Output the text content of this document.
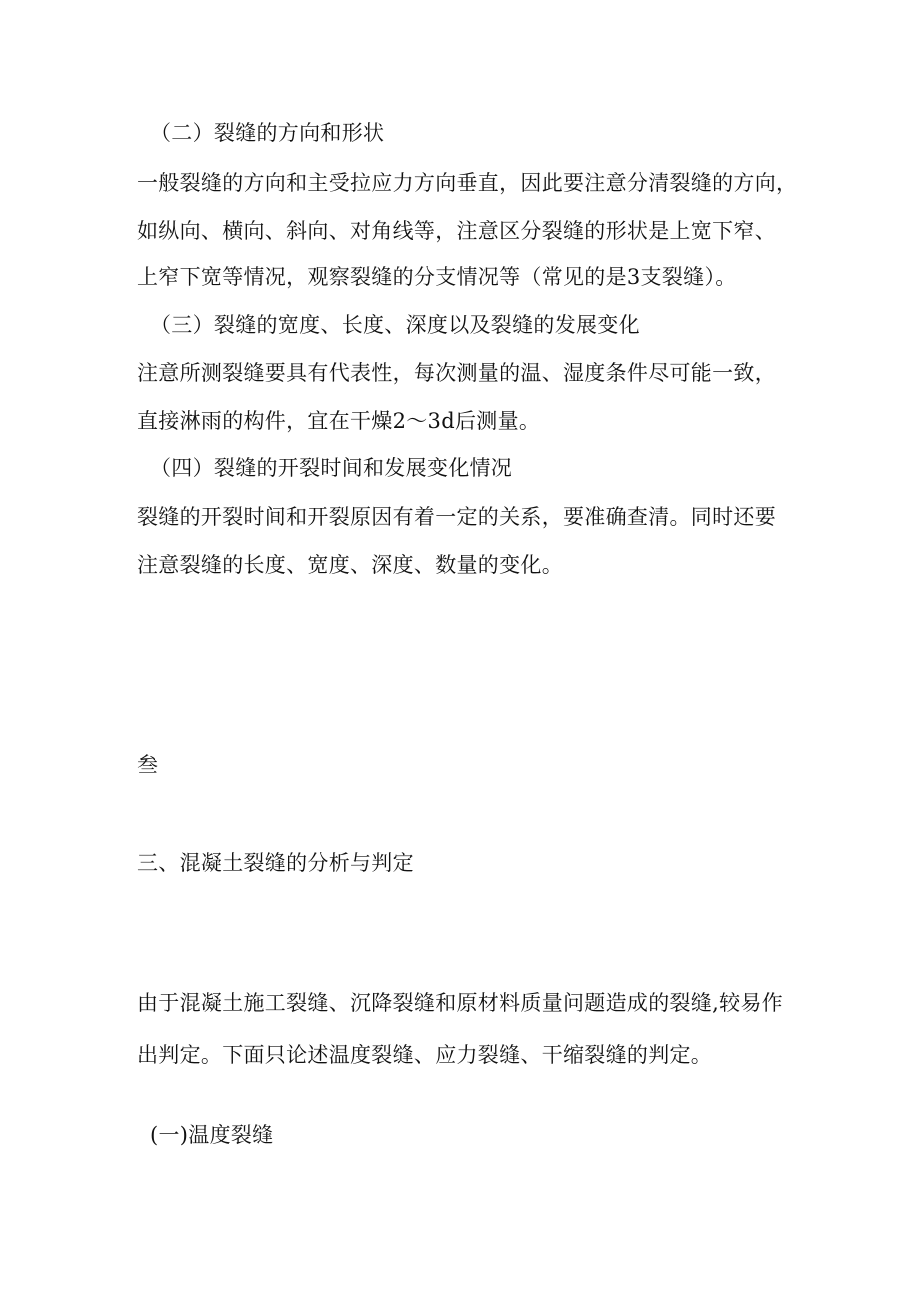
（二）裂缝的方向和形状
一般裂缝的方向和主受拉应力方向垂直，因此要注意分清裂缝的方向，
如纵向、横向、斜向、对角线等，注意区分裂缝的形状是上宽下窄、
上窄下宽等情况，观察裂缝的分支情况等（常见的是3支裂缝）。
（三）裂缝的宽度、长度、深度以及裂缝的发展变化
注意所测裂缝要具有代表性，每次测量的温、湿度条件尽可能一致，
直接淋雨的构件，宜在干燥2～3d后测量。
（四）裂缝的开裂时间和发展变化情况
裂缝的开裂时间和开裂原因有着一定的关系，要准确查清。同时还要
注意裂缝的长度、宽度、深度、数量的变化。
叁
三、混凝土裂缝的分析与判定
由于混凝土施工裂缝、沉降裂缝和原材料质量问题造成的裂缝,较易作
出判定。下面只论述温度裂缝、应力裂缝、干缩裂缝的判定。
(一)温度裂缝
